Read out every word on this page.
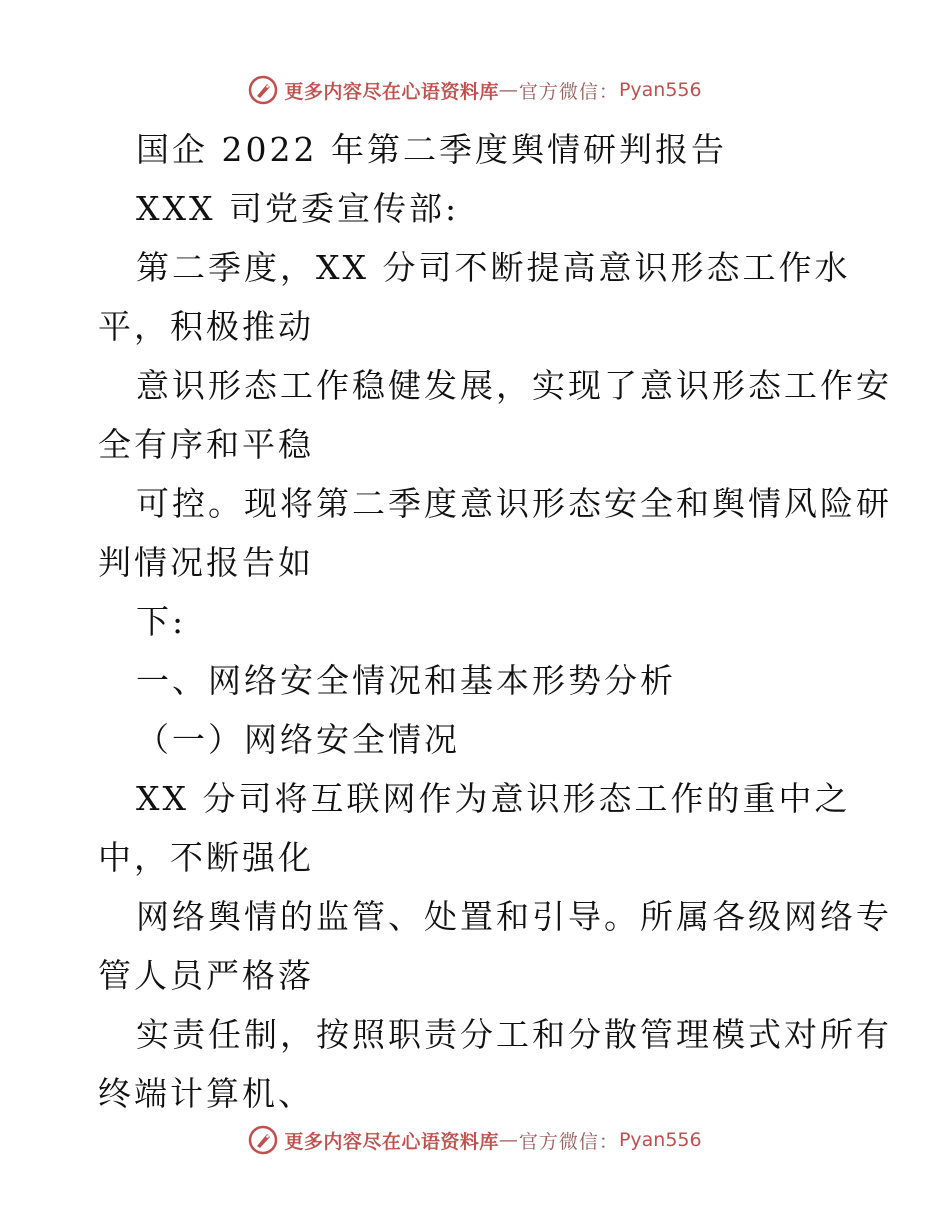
更多内容尽在心语资料库 — 官方微信： Pyan556
国企 2022 年第二季度舆情研判报告
XXX 司党委宣传部:
第二季度，XX 分司不断提高意识形态工作水
平，积极推动
意识形态工作稳健发展，实现了意识形态工作安
全有序和平稳
可控。现将第二季度意识形态安全和舆情风险研
判情况报告如
下:
一、网络安全情况和基本形势分析
（一）网络安全情况
XX 分司将互联网作为意识形态工作的重中之
中，不断强化
网络舆情的监管、处置和引导。所属各级网络专
管人员严格落
实责任制，按照职责分工和分散管理模式对所有
终端计算机、
更多内容尽在心语资料库 — 官方微信： Pyan556
